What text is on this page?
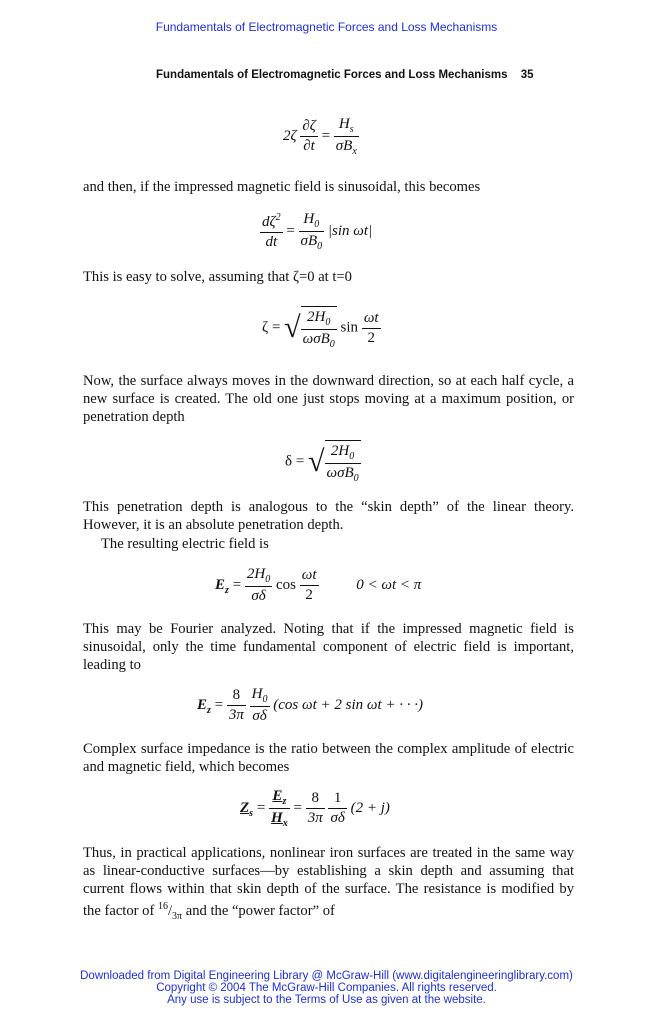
Fundamentals of Electromagnetic Forces and Loss Mechanisms
Fundamentals of Electromagnetic Forces and Loss Mechanisms 35
$2\zeta \frac{\partial\zeta}{\partial t} = \frac{H_s}{\sigma B_x}$

and then, if the impressed magnetic field is sinusoidal, this becomes

$\frac{d\zeta^2}{dt} = \frac{H_0}{\sigma B_0} |\sin$ ωt|

This is easy to solve, assuming that ζ=0 at t=0

ζ = √ $\frac{2H_0}{\omega\sigma B_0}$ $\sin \frac{\omega t}{2}$

Now, the surface always moves in the downward direction, so at each half cycle, a new surface is created. The old one just stops moving at a maximum position, or penetration depth

δ = √ $\frac{2H_0}{\omega\sigma B_0}$

This penetration depth is analogous to the “skin depth” of the linear theory. However, it is an absolute penetration depth.

The resulting electric field is

$E_z = \frac{2H_0}{\sigma\delta}$ $\cos \frac{\omega t}{2}$	0 < ωt < π

This may be Fourier analyzed. Noting that if the impressed magnetic field is sinusoidal, only the time fundamental component of electric field is important, leading to

$E_z = \frac{8}{3\pi}$
$\frac{H_0}{\sigma\delta} (\cos$ ωt + 2 sin ωt + · · ·)

Complex surface impedance is the ratio between the complex amplitude of electric and magnetic field, which becomes

$Z_s = \frac{E_z}{H_x} = \frac{8}{3\pi}$
$\frac{1}{\sigma\delta} (2 + j)$

Thus, in practical applications, nonlinear iron surfaces are treated in the same way as linear-conductive surfaces—by establishing a skin depth and assuming that current flows within that skin depth of the surface. The resistance is modified by the factor of $^{16}/_{3\pi}$ and the “power factor” of

Downloaded from Digital Engineering Library @ McGraw-Hill (www.digitalengineeringlibrary.com)
Copyright © 2004 The McGraw-Hill Companies. All rights reserved.
Any use is subject to the Terms of Use as given at the website.
